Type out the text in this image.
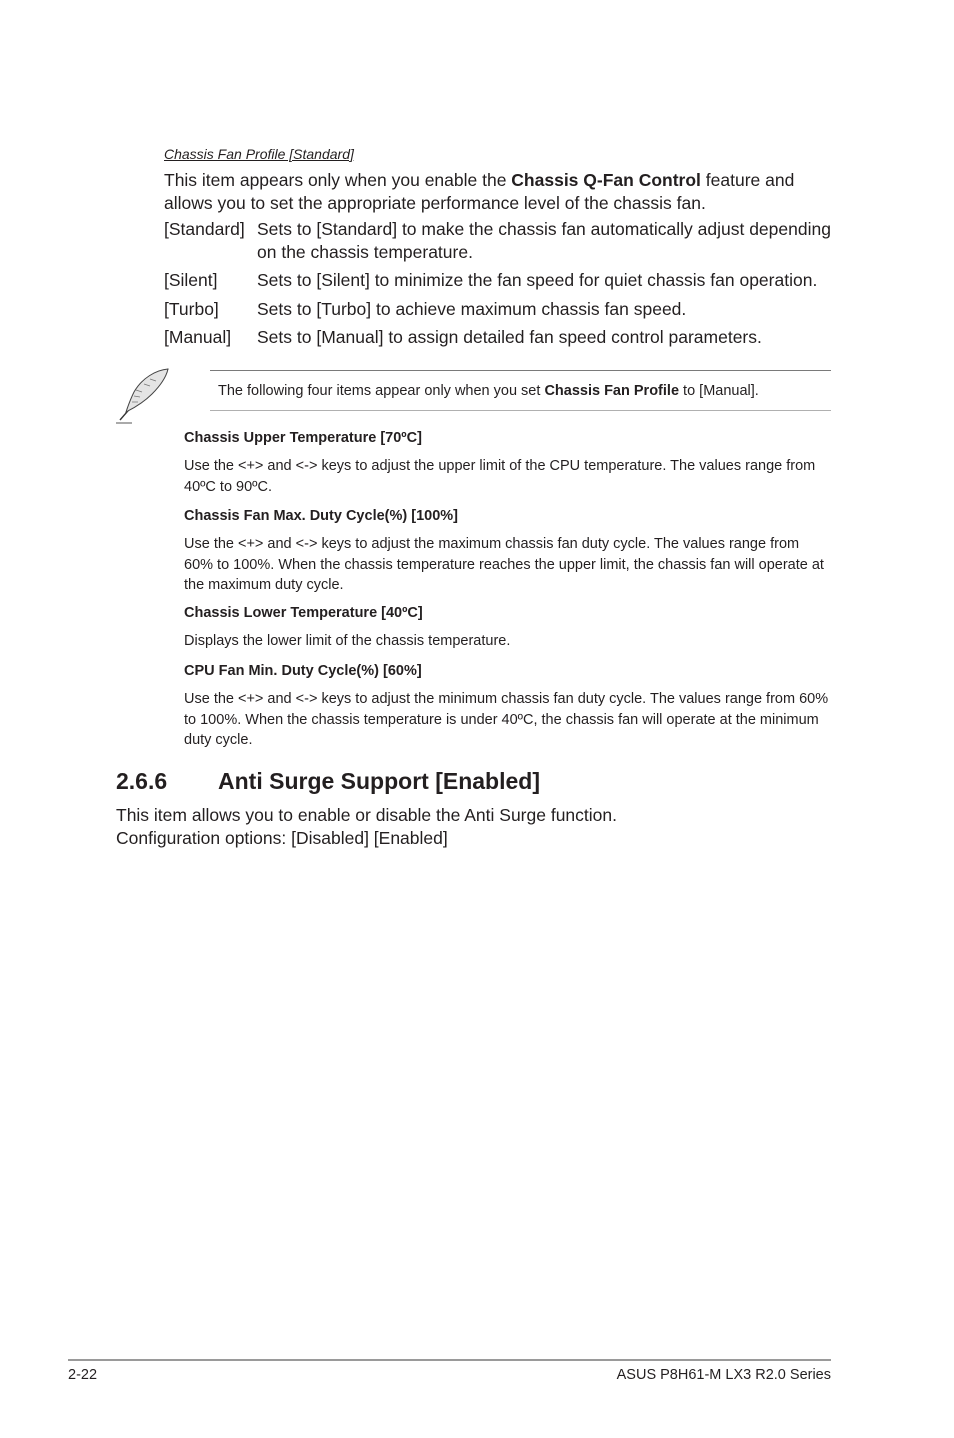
Chassis Fan Profile [Standard]
This item appears only when you enable the Chassis Q-Fan Control feature and allows you to set the appropriate performance level of the chassis fan.
[Standard] Sets to [Standard] to make the chassis fan automatically adjust depending on the chassis temperature.
[Silent] Sets to [Silent] to minimize the fan speed for quiet chassis fan operation.
[Turbo] Sets to [Turbo] to achieve maximum chassis fan speed.
[Manual] Sets to [Manual] to assign detailed fan speed control parameters.
The following four items appear only when you set Chassis Fan Profile to [Manual].
Chassis Upper Temperature [70ºC]
Use the <+> and <-> keys to adjust the upper limit of the CPU temperature. The values range from 40ºC to 90ºC.
Chassis Fan Max. Duty Cycle(%) [100%]
Use the <+> and <-> keys to adjust the maximum chassis fan duty cycle. The values range from 60% to 100%. When the chassis temperature reaches the upper limit, the chassis fan will operate at the maximum duty cycle.
Chassis Lower Temperature [40ºC]
Displays the lower limit of the chassis temperature.
CPU Fan Min. Duty Cycle(%) [60%]
Use the <+> and <-> keys to adjust the minimum chassis fan duty cycle. The values range from 60% to 100%. When the chassis temperature is under 40ºC, the chassis fan will operate at the minimum duty cycle.
2.6.6 Anti Surge Support [Enabled]
This item allows you to enable or disable the Anti Surge function.
Configuration options: [Disabled] [Enabled]
2-22	ASUS P8H61-M LX3 R2.0 Series
